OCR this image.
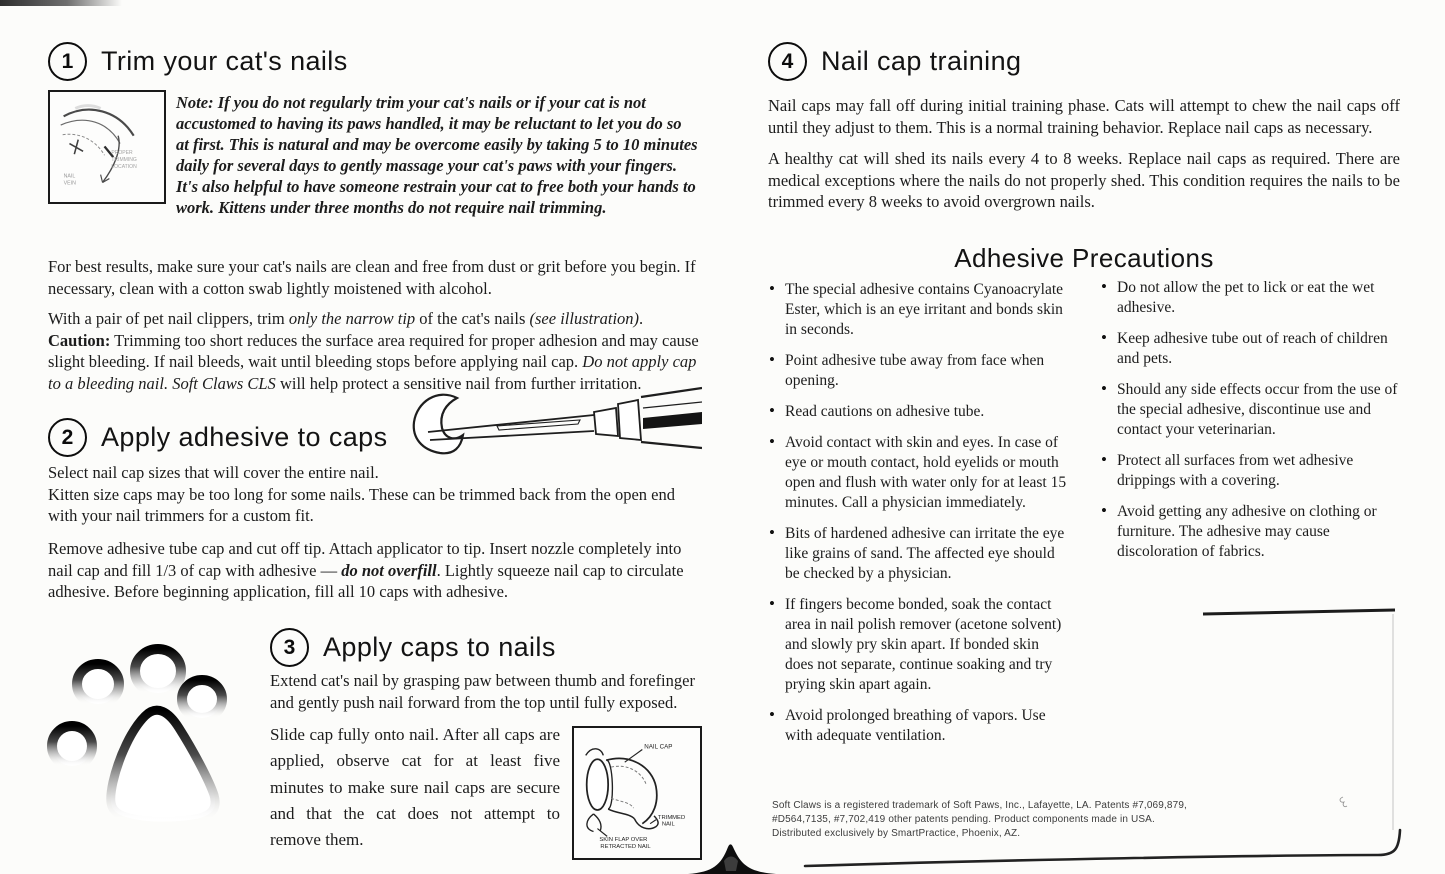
1	Trim your cat's nails
NAIL
VEIN
PROPER
TRIMMING
LOCATION

Note: If you do not regularly trim your cat's nails or if your cat is not accustomed to having its paws handled, it may be reluctant to let you do so at first. This is natural and may be overcome easily by taking 5 to 10 minutes daily for several days to gently massage your cat's paws with your fingers. It's also helpful to have someone restrain your cat to free both your hands to work. Kittens under three months do not require nail trimming.

For best results, make sure your cat's nails are clean and free from dust or grit before you begin. If necessary, clean with a cotton swab lightly moistened with alcohol.

With a pair of pet nail clippers, trim only the narrow tip of the cat's nails (see illustration). Caution: Trimming too short reduces the surface area required for proper adhesion and may cause slight bleeding. If nail bleeds, wait until bleeding stops before applying nail cap. Do not apply cap to a bleeding nail. Soft Claws CLS will help protect a sensitive nail from further irritation.

2	Apply adhesive to caps

Select nail cap sizes that will cover the entire nail.
Kitten size caps may be too long for some nails. These can be trimmed back from the open end with your nail trimmers for a custom fit.

Remove adhesive tube cap and cut off tip. Attach applicator to tip. Insert nozzle completely into nail cap and fill 1/3 of cap with adhesive — do not overfill. Lightly squeeze nail cap to circulate adhesive. Before beginning application, fill all 10 caps with adhesive.

3	Apply caps to nails

Extend cat's nail by grasping paw between thumb and forefinger and gently push nail forward from the top until fully exposed.

NAIL CAP
TRIMMED
NAIL
SKIN FLAP OVER
RETRACTED NAIL
Slide cap fully onto nail. After all caps are applied, observe cat for at least five minutes to make sure nail caps are secure and that the cat does not attempt to remove them.
4	Nail cap training

Nail caps may fall off during initial training phase. Cats will attempt to chew the nail caps off until they adjust to them. This is a normal training behavior. Replace nail caps as necessary.

A healthy cat will shed its nails every 4 to 8 weeks. Replace nail caps as required. There are medical exceptions where the nails do not properly shed. This condition requires the nails to be trimmed every 8 weeks to avoid overgrown nails.

Adhesive Precautions
• The special adhesive contains Cyanoacrylate Ester, which is an eye irritant and bonds skin in seconds.
• Point adhesive tube away from face when opening.
• Read cautions on adhesive tube.
• Avoid contact with skin and eyes. In case of eye or mouth contact, hold eyelids or mouth open and flush with water only for at least 15 minutes. Call a physician immediately.
• Bits of hardened adhesive can irritate the eye like grains of sand. The affected eye should be checked by a physician.
• If fingers become bonded, soak the contact area in nail polish remover (acetone solvent) and slowly pry skin apart. If bonded skin does not separate, continue soaking and try prying skin apart again.
• Avoid prolonged breathing of vapors. Use with adequate ventilation.
• Do not allow the pet to lick or eat the wet adhesive.
• Keep adhesive tube out of reach of children and pets.
• Should any side effects occur from the use of the special adhesive, discontinue use and contact your veterinarian.
• Protect all surfaces from wet adhesive drippings with a covering.
• Avoid getting any adhesive on clothing or furniture. The adhesive may cause discoloration of fabrics.

Soft Claws is a registered trademark of Soft Paws, Inc., Lafayette, LA. Patents #7,069,879, #D564,7135, #7,702,419 other patents pending. Product components made in USA. Distributed exclusively by SmartPractice, Phoenix, AZ.
